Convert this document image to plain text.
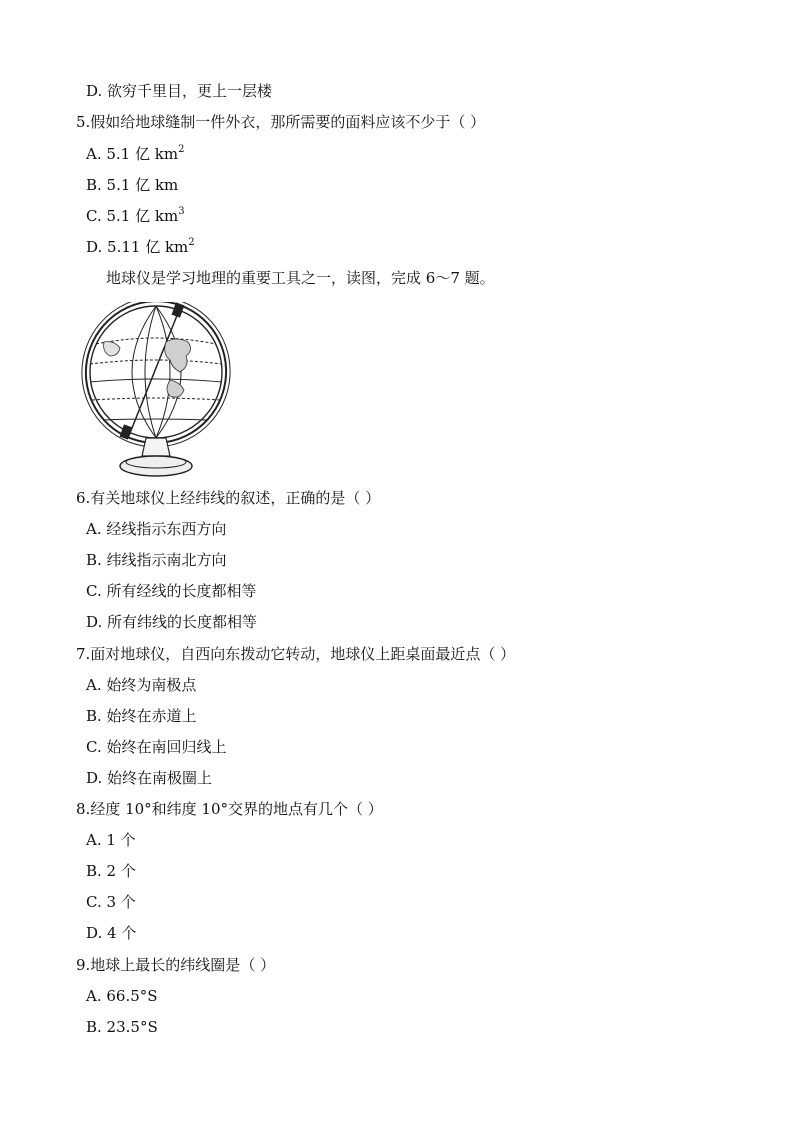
D. 欲穷千里目，更上一层楼
5.假如给地球缝制一件外衣，那所需要的面料应该不少于（ ）
A. 5.1 亿 $km^2$
B. 5.1 亿 km
C. 5.1 亿 $km^3$
D. 5.11 亿 $km^2$
地球仪是学习地理的重要工具之一，读图，完成 6～7 题。
6.有关地球仪上经纬线的叙述，正确的是（ ）
A. 经线指示东西方向
B. 纬线指示南北方向
C. 所有经线的长度都相等
D. 所有纬线的长度都相等
7.面对地球仪，自西向东拨动它转动，地球仪上距桌面最近点（ ）
A. 始终为南极点
B. 始终在赤道上
C. 始终在南回归线上
D. 始终在南极圈上
8.经度 10°和纬度 10°交界的地点有几个（ ）
A. 1 个
B. 2 个
C. 3 个
D. 4 个
9.地球上最长的纬线圈是（ ）
A. 66.5°S
B. 23.5°S
